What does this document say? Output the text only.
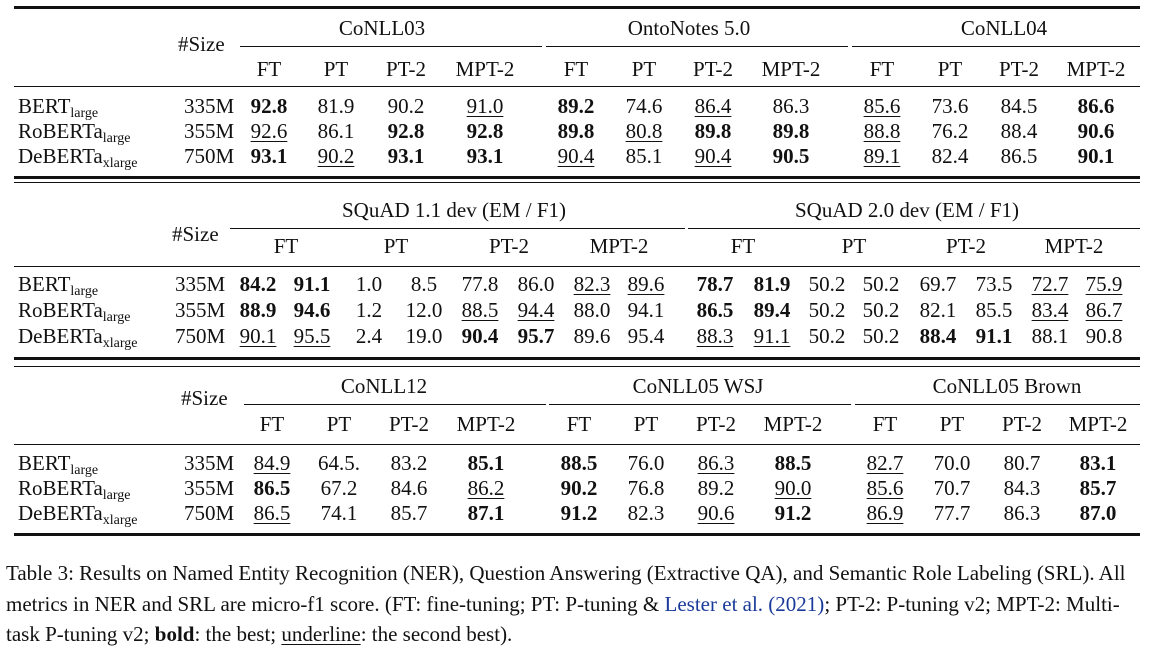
#Size
CoNLL03	OntoNotes 5.0	CoNLL04
FT PT PT-2 MPT-2 FT PT PT-2 MPT-2 FT PT PT-2 MPT-2
$BERT_{large}$	335M 92.8 81.9 90.2 91.0	89.2 74.6 86.4 86.3	85.6 73.6 84.5 86.6
RoBERTa$_{large}$	355M 92.6 86.1 92.8 92.8	89.8 80.8 89.8 89.8	88.8 76.2 88.4 90.6
DeBERTa$_{xlarge}$ 750M 93.1 90.2 93.1 93.1	90.4 85.1 90.4 90.5	89.1 82.4 86.5 90.1
#Size
SQuAD 1.1 dev (EM / F1)	SQuAD 2.0 dev (EM / F1)
FT	PT	PT-2	MPT-2	FT	PT	PT-2	MPT-2
$BERT_{large}$	335M 84.2 91.1 1.0 8.5 77.8 86.0 82.3 89.6 78.7 81.9 50.2 50.2 69.7 73.5 72.7 75.9
RoBERTa$_{large}$ 355M 88.9 94.6 1.2 12.0 88.5 94.4 88.0 94.1 86.5 89.4 50.2 50.2 82.1 85.5 83.4 86.7
DeBERTa$_{xlarge}$ 750M 90.1 95.5 2.4 19.0 90.4 95.7 89.6 95.4 88.3 91.1 50.2 50.2 88.4 91.1 88.1 90.8
#Size	CoNLL12	CoNLL05 WSJ	CoNLL05 Brown
FT PT PT-2 MPT-2 FT PT PT-2 MPT-2 FT PT PT-2 MPT-2
$BERT_{large}$	335M 84.9 64.5. 83.2 85.1	88.5 76.0 86.3 88.5	82.7 70.0 80.7 83.1
RoBERTa$_{large}$	355M 86.5 67.2 84.6 86.2	90.2 76.8 89.2 90.0	85.6 70.7 84.3 85.7
DeBERTa$_{xlarge}$ 750M 86.5 74.1 85.7 87.1	91.2 82.3 90.6 91.2	86.9 77.7 86.3 87.0
Table 3: Results on Named Entity Recognition (NER), Question Answering (Extractive QA), and Semantic Role Labeling (SRL). All metrics in NER and SRL are micro-f1 score. (FT: fine-tuning; PT: P-tuning & Lester et al. (2021); PT-2: P-tuning v2; MPT-2: Multi-task P-tuning v2; bold: the best; underline: the second best).
